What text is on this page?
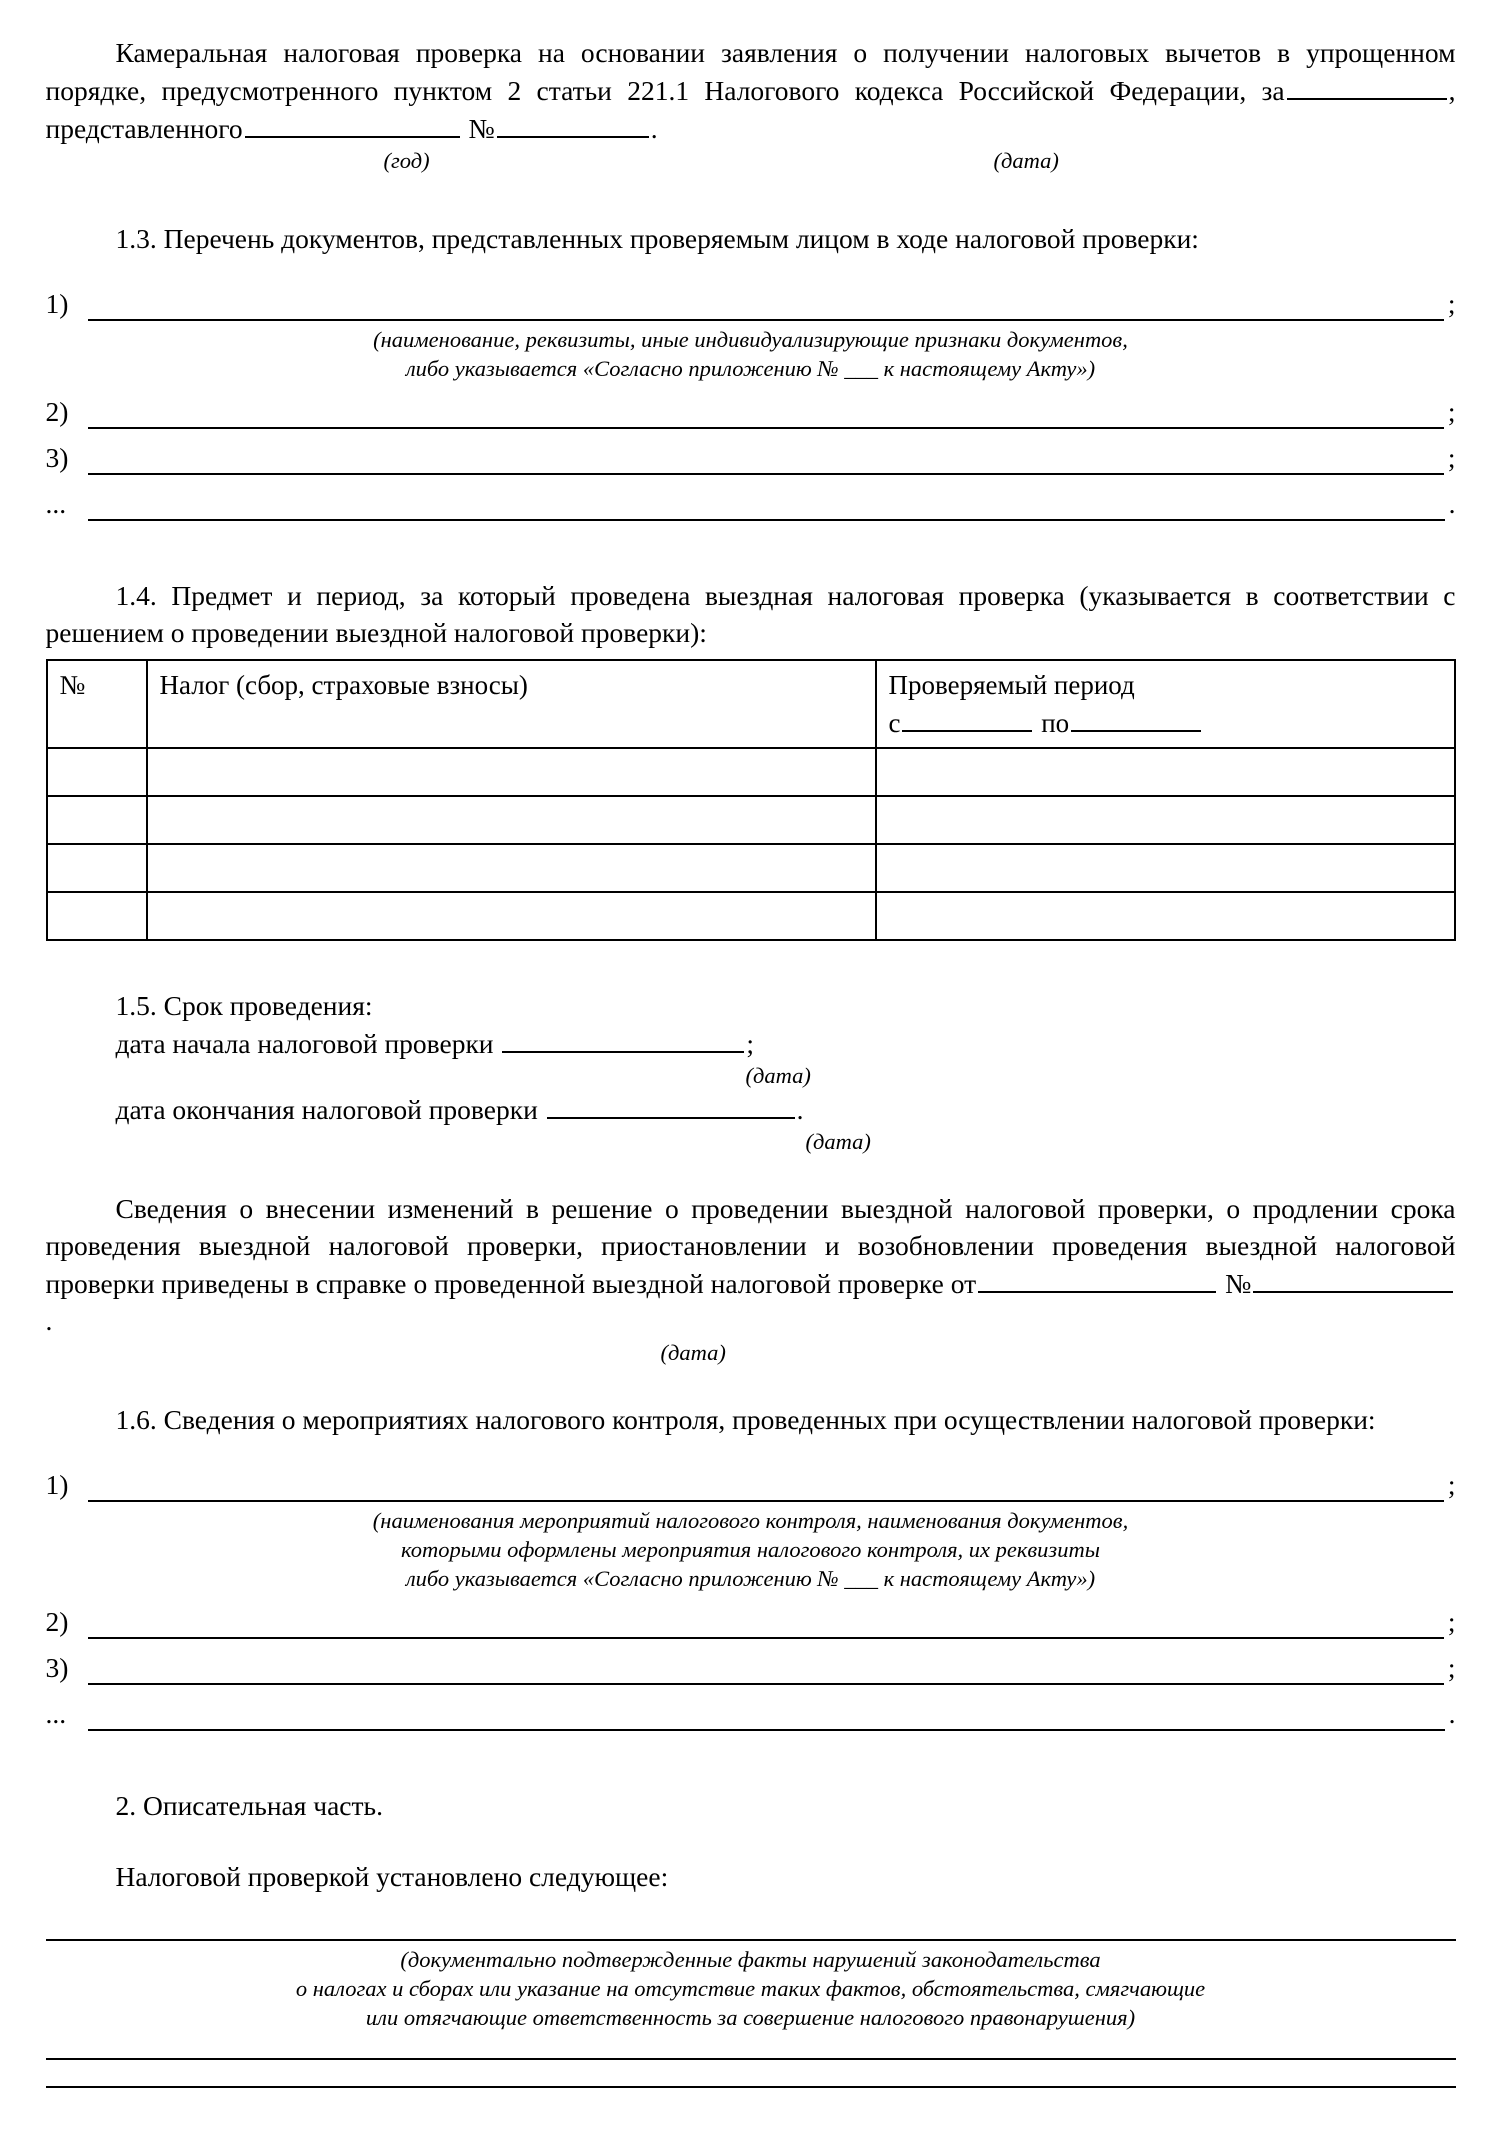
Камеральная налоговая проверка на основании заявления о получении налоговых вычетов в упрощенном порядке, предусмотренного пунктом 2 статьи 221.1 Налогового кодекса Российской Федерации, за	, представленного	№	.

(год)	(дата)

1.3. Перечень документов, представленных проверяемым лицом в ходе налоговой проверки:

1)	;

(наименование, реквизиты, иные индивидуализирующие признаки документов,

либо указывается «Согласно приложению № ___ к настоящему Акту»)

2)	;
3)	;
...	.

1.4. Предмет и период, за который проведена выездная налоговая проверка (указывается в соответствии с решением о проведении выездной налоговой проверки):

№	Налог (сбор, страховые взносы)	Проверяемый период
с по

1.5. Срок проведения:

дата начала налоговой проверки	;

(дата)

дата окончания налоговой проверки	.

(дата)

Сведения о внесении изменений в решение о проведении выездной налоговой проверки, о продлении срока проведения выездной налоговой проверки, приостановлении и возобновлении проведения выездной налоговой проверки приведены в справке о проведенной выездной налоговой проверке от	№.

(дата)

1.6. Сведения о мероприятиях налогового контроля, проведенных при осуществлении налоговой проверки:

1)	;

(наименования мероприятий налогового контроля, наименования документов,

которыми оформлены мероприятия налогового контроля, их реквизиты

либо указывается «Согласно приложению № ___ к настоящему Акту»)

2)	;
3)	;
...	.

2. Описательная часть.

Налоговой проверкой установлено следующее:

(документально подтвержденные факты нарушений законодательства

о налогах и сборах или указание на отсутствие таких фактов, обстоятельства, смягчающие

или отягчающие ответственность за совершение налогового правонарушения)
